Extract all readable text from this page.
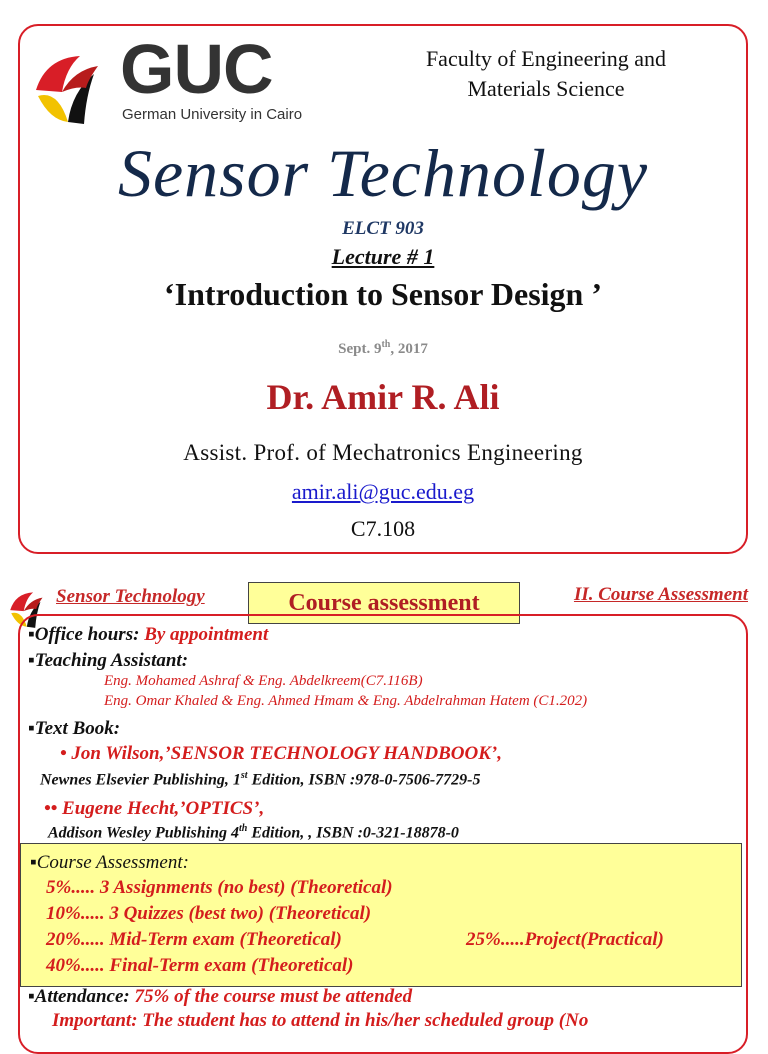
GUC
German University in Cairo
Faculty of Engineering and Materials Science
Sensor Technology
ELCT 903
Lecture # 1
‘Introduction to Sensor Design ’
Sept. 9th, 2017
Dr. Amir R. Ali
Assist. Prof. of Mechatronics Engineering
amir.ali@guc.edu.eg
C7.108
Sensor Technology	Course assessment	II. Course Assessment
▪Office hours: By appointment
▪Teaching Assistant:
Eng. Mohamed Ashraf & Eng. Abdelkreem(C7.116B)
Eng. Omar Khaled & Eng. Ahmed Hmam & Eng. Abdelrahman Hatem (C1.202)
▪Text Book:
• Jon Wilson,’SENSOR TECHNOLOGY HANDBOOK’,
Newnes Elsevier Publishing, 1st Edition, ISBN :978-0-7506-7729-5
•• Eugene Hecht,’OPTICS’,
Addison Wesley Publishing 4th Edition, , ISBN :0-321-18878-0
▪Course Assessment:
5%..... 3 Assignments (no best) (Theoretical)
10%..... 3 Quizzes (best two) (Theoretical)
20%..... Mid-Term exam (Theoretical)	25%.....Project(Practical)
40%..... Final-Term exam (Theoretical)
▪Attendance: 75% of the course must be attended
Important: The student has to attend in his/her scheduled group (No
